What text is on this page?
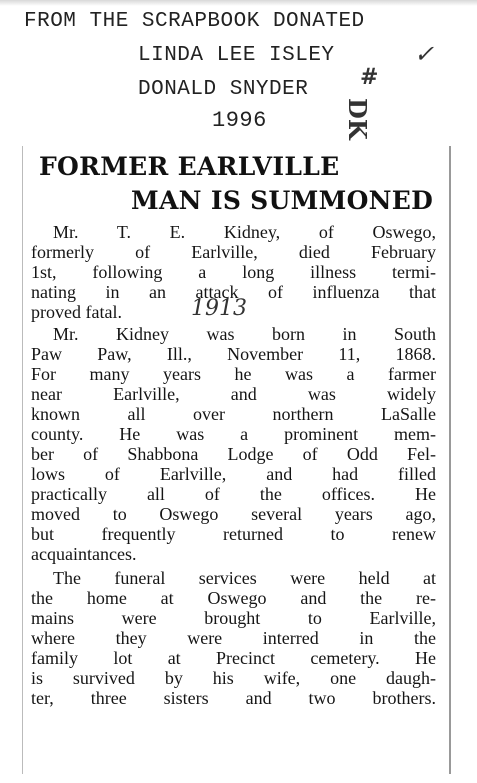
FROM THE SCRAPBOOK DONATED
LINDA LEE ISLEY	✓
DONALD SNYDER #
1996	DK
FORMER EARLVILLE
MAN IS SUMMONED
Mr. T. E. Kidney, of Oswego,
formerly of Earlville, died February
1st, following a long illness termi-
nating in an attack of influenza that
proved fatal.	1913
Mr. Kidney was born in South
Paw Paw, Ill., November 11, 1868.
For many years he was a farmer
near Earlville, and was widely
known all over northern LaSalle
county. He was a prominent mem-
ber of Shabbona Lodge of Odd Fel-
lows of Earlville, and had filled
practically all of the offices. He
moved to Oswego several years ago,
but frequently returned to renew
acquaintances.
The funeral services were held at
the home at Oswego and the re-
mains were brought to Earlville,
where they were interred in the
family lot at Precinct cemetery. He
is survived by his wife, one daugh-
ter, three sisters and two brothers.
